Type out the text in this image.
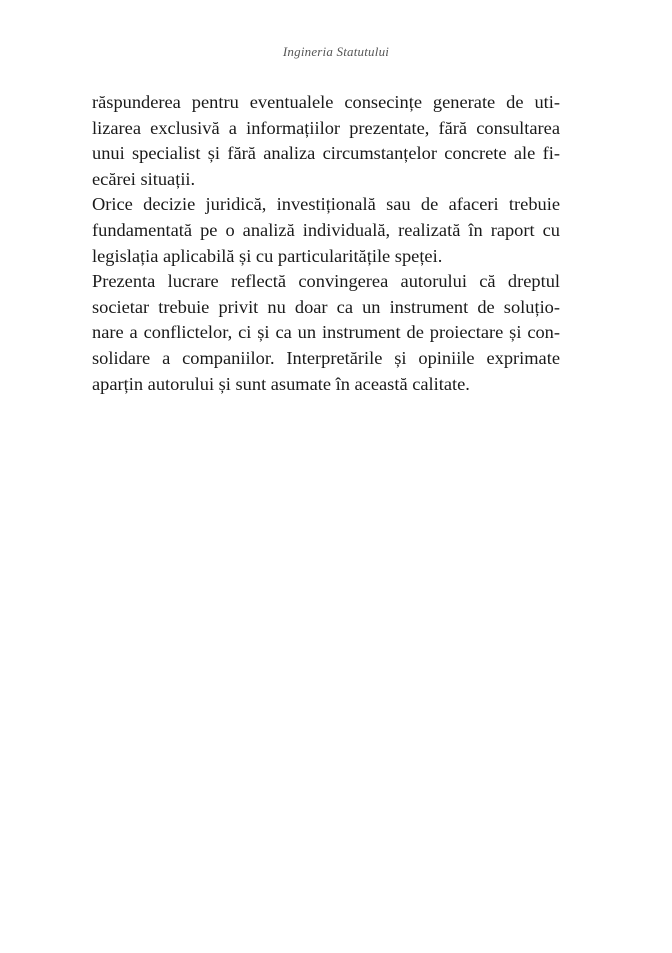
Ingineria Statutului
răspunderea pentru eventualele consecințe generate de uti-
lizarea exclusivă a informațiilor prezentate, fără consultarea
unui specialist și fără analiza circumstanțelor concrete ale fi-
ecărei situații.
Orice decizie juridică, investițională sau de afaceri trebuie
fundamentată pe o analiză individuală, realizată în raport cu
legislația aplicabilă și cu particularitățile speței.
Prezenta lucrare reflectă convingerea autorului că dreptul
societar trebuie privit nu doar ca un instrument de soluțio-
nare a conflictelor, ci și ca un instrument de proiectare și con-
solidare a companiilor. Interpretările și opiniile exprimate
aparțin autorului și sunt asumate în această calitate.
